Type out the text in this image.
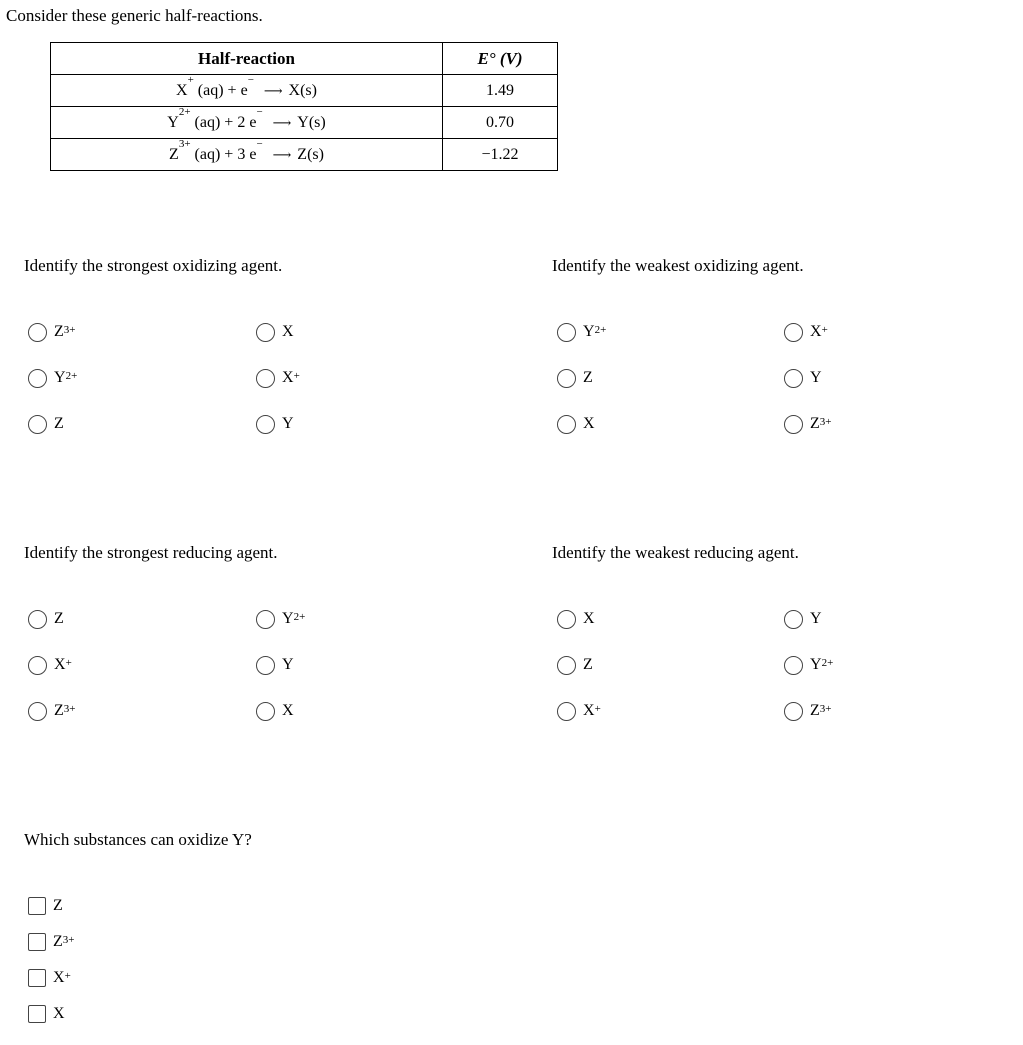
Consider these generic half-reactions.
Half-reaction	E° (V)
X+ (aq) + e−⟶ X(s)	1.49
$Y^{2+}$ (aq) + 2 e−⟶ Y(s)	0.70
$Z^{3+}$ (aq) + 3 e−⟶ Z(s)	−1.22
Identify the strongest oxidizing agent.
$Z^{3+}$
$Y^{2+}$
Z
X
X+
Y
Identify the weakest oxidizing agent.
$Y^{2+}$
Z
X
X+
Y
$Z^{3+}$
Identify the strongest reducing agent.
Z
X+
$Z^{3+}$
$Y^{2+}$
Y
X
Identify the weakest reducing agent.
X
Z
X+
Y
$Y^{2+}$
$Z^{3+}$
Which substances can oxidize Y?
Z
$Z^{3+}$
X+
X
